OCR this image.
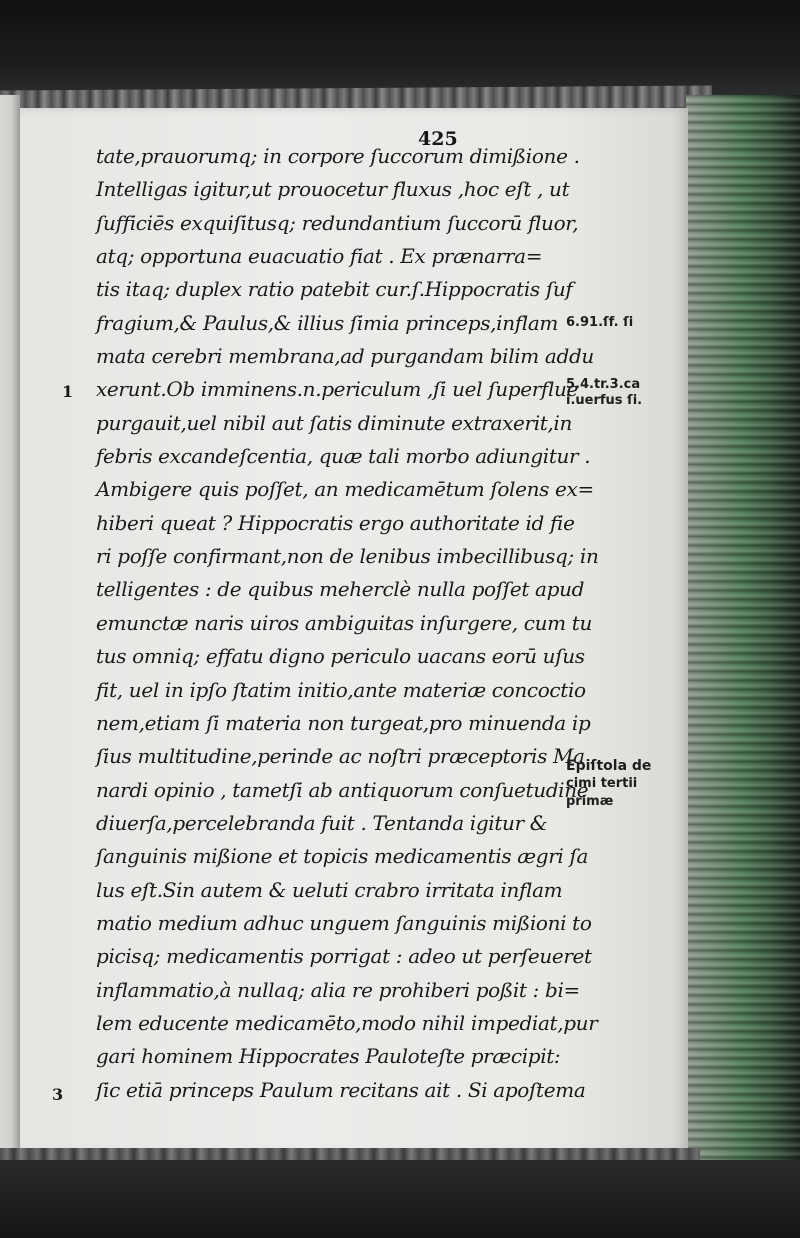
425
tate,prauorumq; in corpore ſuccorum dimißione .
Intelligas igitur,ut prouocetur fluxus ,hoc eſt , ut
ſufficiēs exquiſitusq; redundantium ſuccorū fluor,
atq; opportuna euacuatio fiat . Ex prænarra=
tis itaq; duplex ratio patebit cur.ſ.Hippocratis ſuf
fragium,& Paulus,& illius ſimia princeps,inflam
mata cerebri membrana,ad purgandam bilim addu
xerunt.Ob imminens.n.periculum ,ſi uel ſuperflue
purgauit,uel nibil aut ſatis diminute extraxerit,in
febris excandeſcentia, quæ tali morbo adiungitur .
Ambigere quis poſſet, an medicamētum ſolens ex=
hiberi queat ? Hippocratis ergo authoritate id fie
ri poſſe confirmant,non de lenibus imbecillibusq; in
telligentes : de quibus meherclè nulla poſſet apud
emunctæ naris uiros ambiguitas inſurgere, cum tu
tus omniq; effatu digno periculo uacans eorū uſus
fit, uel in ipſo ſtatim initio,ante materiæ concoctio
nem,etiam ſi materia non turgeat,pro minuenda ip
ſius multitudine,perinde ac noſtri præceptoris Ma
nardi opinio , tametſi ab antiquorum conſuetudine
diuerſa,percelebranda fuit . Tentanda igitur &
ſanguinis mißione et topicis medicamentis ægri ſa
lus eſt.Sin autem & ueluti crabro irritata inflam
matio medium adhuc unguem ſanguinis mißioni to
picisq; medicamentis porrigat : adeo ut perſeueret
inflammatio,à nullaq; alia re prohiberi poßit : bi=
lem educente medicamēto,modo nihil impediat,pur
gari hominem Hippocrates Pauloteſte præcipit:
ſic etiā princeps Paulum recitans ait . Si apoſtema
1
3
6.91.ſf. ſi
5.4.tr.3.ca
i.uerfus ſi.
Epiſtola de
cimi tertii
primæ
